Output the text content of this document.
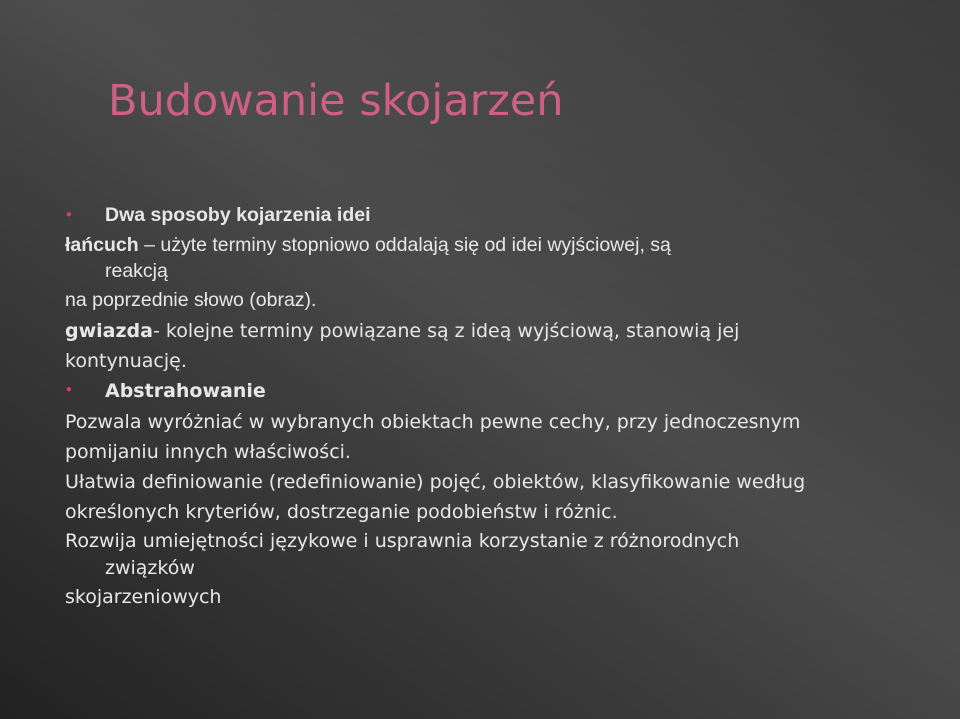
Budowanie skojarzeń
• Dwa sposoby kojarzenia idei
łańcuch – użyte terminy stopniowo oddalają się od idei wyjściowej, są
reakcją
na poprzednie słowo (obraz).
gwiazda- kolejne terminy powiązane są z ideą wyjściową, stanowią jej
kontynuację.
• Abstrahowanie
Pozwala wyróżniać w wybranych obiektach pewne cechy, przy jednoczesnym
pomijaniu innych właściwości.
Ułatwia definiowanie (redefiniowanie) pojęć, obiektów, klasyfikowanie według
określonych kryteriów, dostrzeganie podobieństw i różnic.
Rozwija umiejętności językowe i usprawnia korzystanie z różnorodnych
związków
skojarzeniowych
